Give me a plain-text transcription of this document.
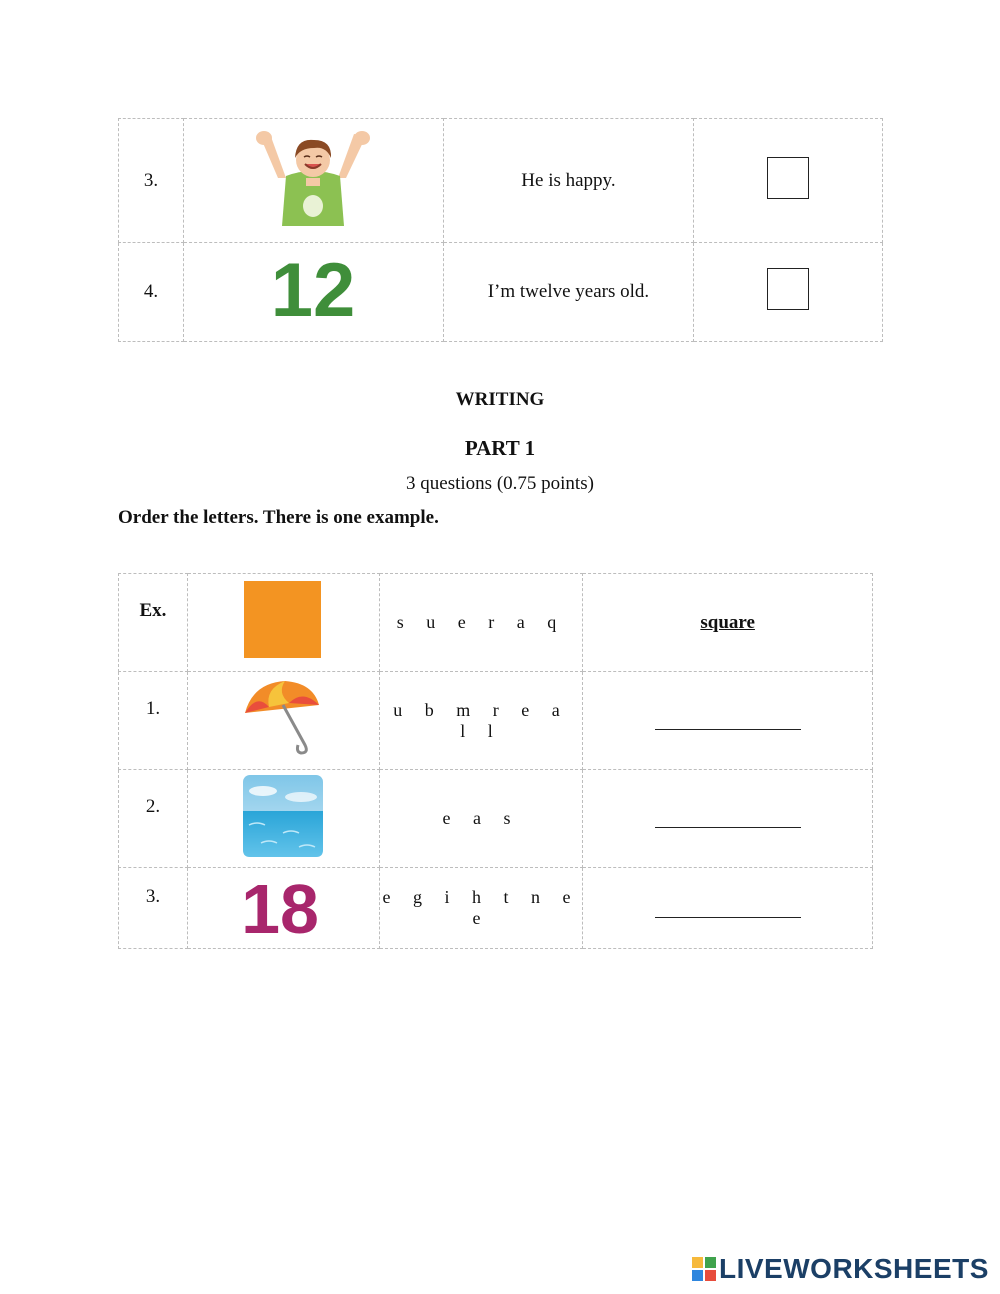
3.		He is happy.	
4.	12	I’m twelve years old.	

WRITING

PART 1

3 questions (0.75 points)

Order the letters. There is one example.

Ex.		s u e r a q	square
1.		u b m r e a l l	
2.		e a s	
3.	18	e g i h t n e e	
LIVEWORKSHEETS
